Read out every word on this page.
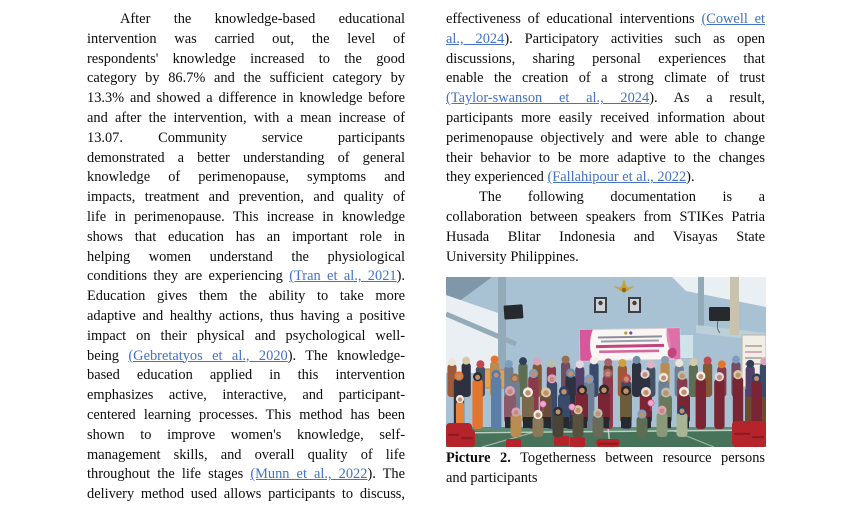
After the knowledge-based educational
intervention was carried out, the level of
respondents' knowledge increased to the good
category by 86.7% and the sufficient category by
13.3% and showed a difference in knowledge before
and after the intervention, with a mean increase of
13.07. Community service participants
demonstrated a better understanding of general
knowledge of perimenopause, symptoms and
impacts, treatment and prevention, and quality of
life in perimenopause. This increase in knowledge
shows that education has an important role in
helping women understand the physiological
conditions they are experiencing (Tran et al., 2021).
Education gives them the ability to take more
adaptive and healthy actions, thus having a positive
impact on their physical and psychological well-
being (Gebretatyos et al., 2020). The knowledge-
based education applied in this intervention
emphasizes active, interactive, and participant-
centered learning processes. This method has been
shown to improve women's knowledge, self-
management skills, and overall quality of life
throughout the life stages (Munn et al., 2022). The
delivery method used allows participants to discuss,
effectiveness of educational interventions (Cowell et
al., 2024). Participatory activities such as open
discussions, sharing personal experiences that
enable the creation of a strong climate of trust
(Taylor-swanson et al., 2024). As a result,
participants more easily received information about
perimenopause objectively and were able to change
their behavior to be more adaptive to the changes
they experienced (Fallahipour et al., 2022).
The following documentation is a
collaboration between speakers from STIKes Patria
Husada Blitar Indonesia and Visayas State
University Philippines.
Picture 2. Togetherness between resource persons
and participants
